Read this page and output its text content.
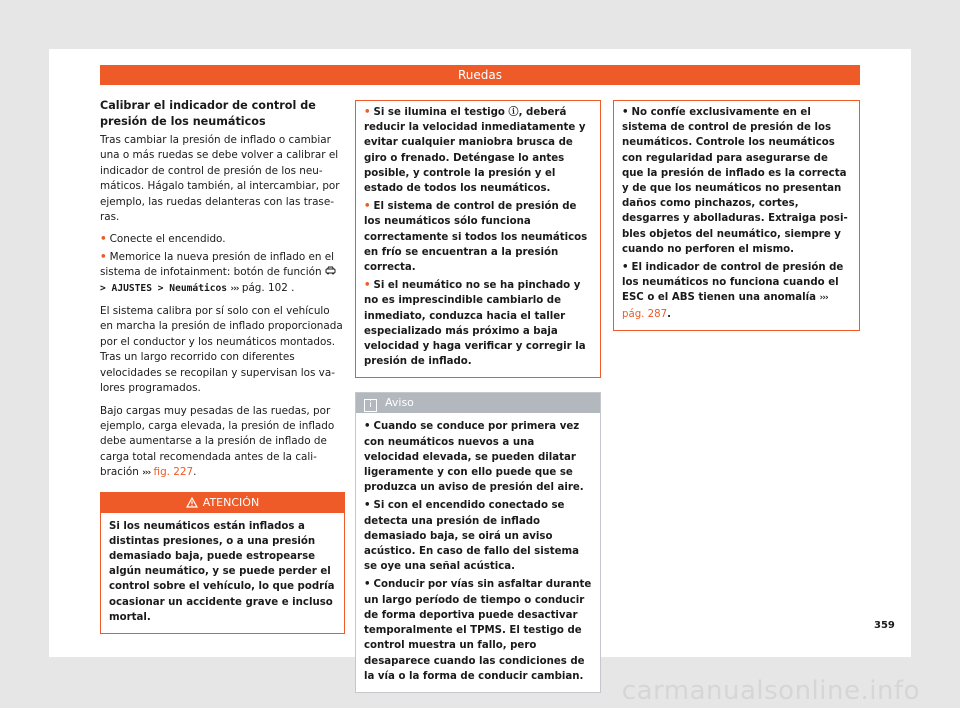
Ruedas
Calibrar el indicador de control de presión de los neumáticos

Tras cambiar la presión de inflado o cambiar una o más ruedas se debe volver a calibrar el indicador de control de presión de los neumáticos. Hágalo también, al intercambiar, por ejemplo, las ruedas delanteras con las traseras.

• Conecte el encendido.
• Memorice la nueva presión de inflado en el sistema de infotainment: botón de función
> AJUSTES > Neumáticos ››› pág. 102 .

El sistema calibra por sí solo con el vehículo en marcha la presión de inflado proporcionada por el conductor y los neumáticos montados. Tras un largo recorrido con diferentes velocidades se recopilan y supervisan los valores programados.

Bajo cargas muy pesadas de las ruedas, por ejemplo, carga elevada, la presión de inflado debe aumentarse a la presión de inflado de carga total recomendada antes de la calibración ››› fig. 227.

ATENCIÓN
Si los neumáticos están inflados a distintas presiones, o a una presión demasiado baja, puede estropearse algún neumático, y se puede perder el control sobre el vehículo, lo que podría ocasionar un accidente grave e incluso mortal.

• Si se ilumina el testigo ⓘ, deberá reducir la velocidad inmediatamente y evitar cualquier maniobra brusca de giro o frenado. Deténgase lo antes posible, y controle la presión y el estado de todos los neumáticos.

• El sistema de control de presión de los neumáticos sólo funciona correctamente si todos los neumáticos en frío se encuentran a la presión correcta.

• Si el neumático no se ha pinchado y no es imprescindible cambiarlo de inmediato, conduzca hacia el taller especializado más próximo a baja velocidad y haga verificar y corregir la presión de inflado.

i Aviso

• Cuando se conduce por primera vez con neumáticos nuevos a una velocidad elevada, se pueden dilatar ligeramente y con ello puede que se produzca un aviso de presión del aire.

• Si con el encendido conectado se detecta una presión de inflado demasiado baja, se oirá un aviso acústico. En caso de fallo del sistema se oye una señal acústica.

• Conducir por vías sin asfaltar durante un largo período de tiempo o conducir de forma deportiva puede desactivar temporalmente el TPMS. El testigo de control muestra un fallo, pero desaparece cuando las condiciones de la vía o la forma de conducir cambian.

• No confíe exclusivamente en el sistema de control de presión de los neumáticos. Controle los neumáticos con regularidad para asegurarse de que la presión de inflado es la correcta y de que los neumáticos no presentan daños como pinchazos, cortes, desgarres y abolladuras. Extraiga posibles objetos del neumático, siempre y cuando no perforen el mismo.

• El indicador de control de presión de los neumáticos no funciona cuando el ESC o el ABS tienen una anomalía ››› pág. 287.

359
carmanualsonline.info
